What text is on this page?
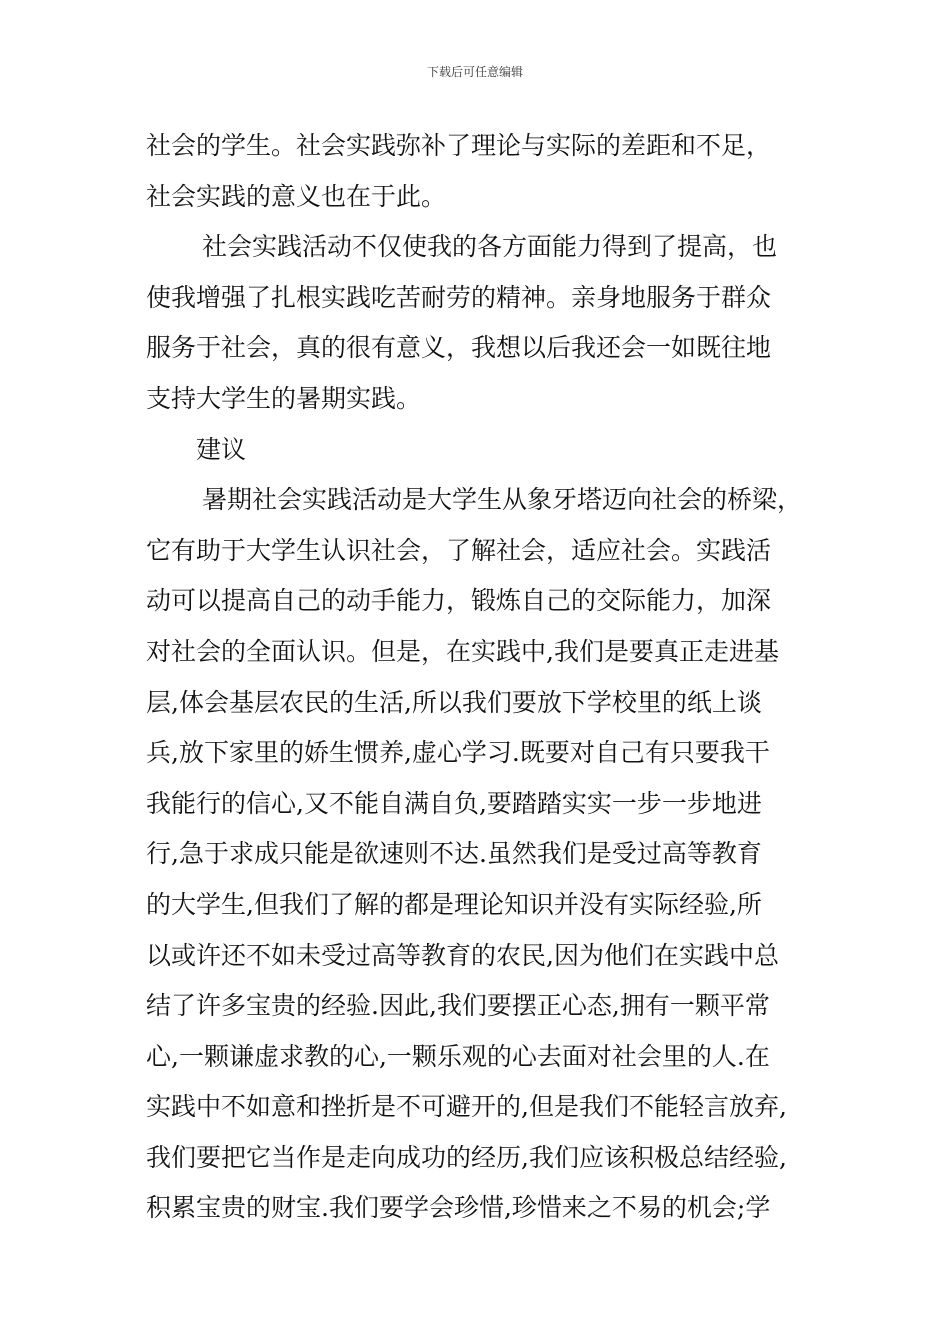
下载后可任意编辑
社会的学生。社会实践弥补了理论与实际的差距和不足，
社会实践的意义也在于此。
社会实践活动不仅使我的各方面能力得到了提高，也
使我增强了扎根实践吃苦耐劳的精神。亲身地服务于群众
服务于社会，真的很有意义，我想以后我还会一如既往地
支持大学生的暑期实践。
建议
暑期社会实践活动是大学生从象牙塔迈向社会的桥梁，
它有助于大学生认识社会，了解社会，适应社会。实践活
动可以提高自己的动手能力，锻炼自己的交际能力，加深
对社会的全面认识。但是，在实践中,我们是要真正走进基
层,体会基层农民的生活,所以我们要放下学校里的纸上谈
兵,放下家里的娇生惯养,虚心学习.既要对自己有只要我干
我能行的信心,又不能自满自负,要踏踏实实一步一步地进
行,急于求成只能是欲速则不达.虽然我们是受过高等教育
的大学生,但我们了解的都是理论知识并没有实际经验,所
以或许还不如未受过高等教育的农民,因为他们在实践中总
结了许多宝贵的经验.因此,我们要摆正心态,拥有一颗平常
心,一颗谦虚求教的心,一颗乐观的心去面对社会里的人.在
实践中不如意和挫折是不可避开的,但是我们不能轻言放弃,
我们要把它当作是走向成功的经历,我们应该积极总结经验,
积累宝贵的财宝.我们要学会珍惜,珍惜来之不易的机会;学
